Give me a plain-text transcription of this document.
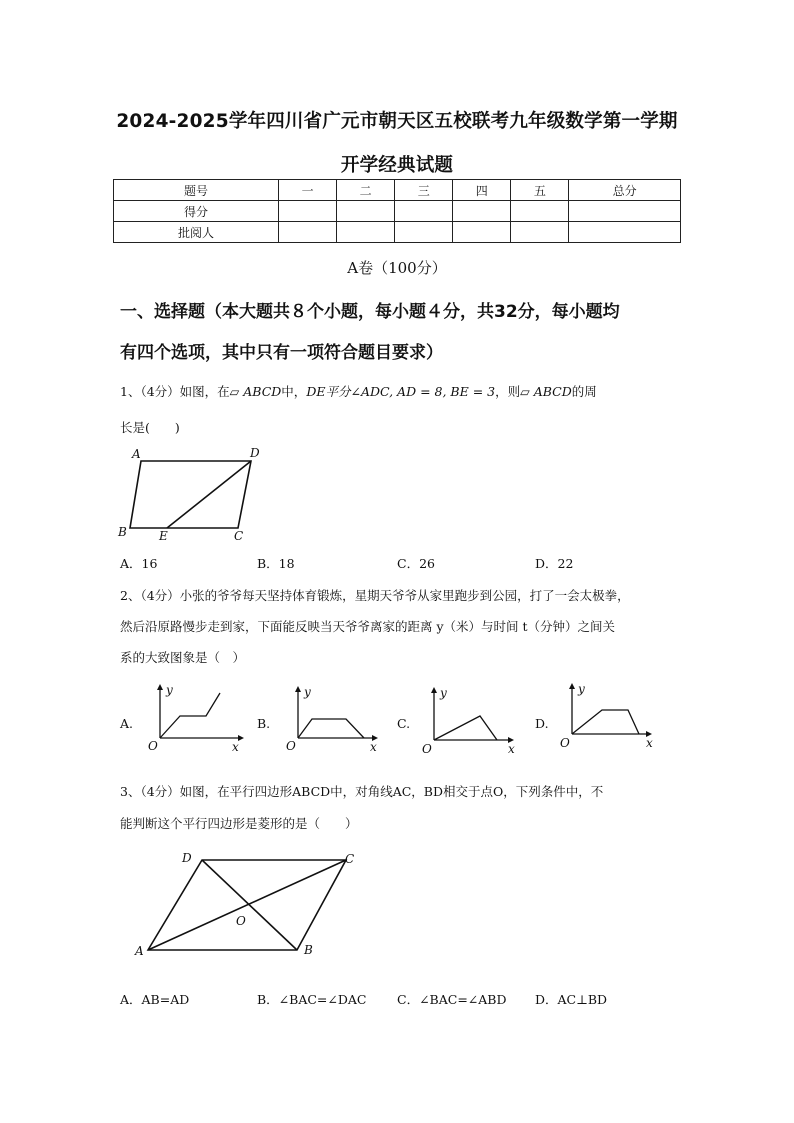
2024-2025学年四川省广元市朝天区五校联考九年级数学第一学期
开学经典试题
题号	一	二	三	四	五	总分
得分						
批阅人						
A卷（100分）
一、选择题（本大题共８个小题，每小题４分，共32分，每小题均
有四个选项，其中只有一项符合题目要求）
1、（4分）如图，在▱ ABCD中，DE平分∠ADC, AD = 8, BE = 3，则▱ ABCD的周
长是(　　)
A	D
B	E	C
A．16	B．18	C．26	D．22
2、（4分）小张的爷爷每天坚持体育锻炼，星期天爷爷从家里跑步到公园，打了一会太极拳，
然后沿原路慢步走到家，下面能反映当天爷爷离家的距离 y（米）与时间 t（分钟）之间关
系的大致图象是（　）
A.
y
O	x
B.
y
O	x
C.
y
O	x
D.
y
O	x
3、（4分）如图，在平行四边形ABCD中，对角线AC，BD相交于点O，下列条件中，不
能判断这个平行四边形是菱形的是（　　）
D	C
A	B
O
A．AB=AD	B．∠BAC=∠DAC C．∠BAC=∠ABD D．AC⊥BD
